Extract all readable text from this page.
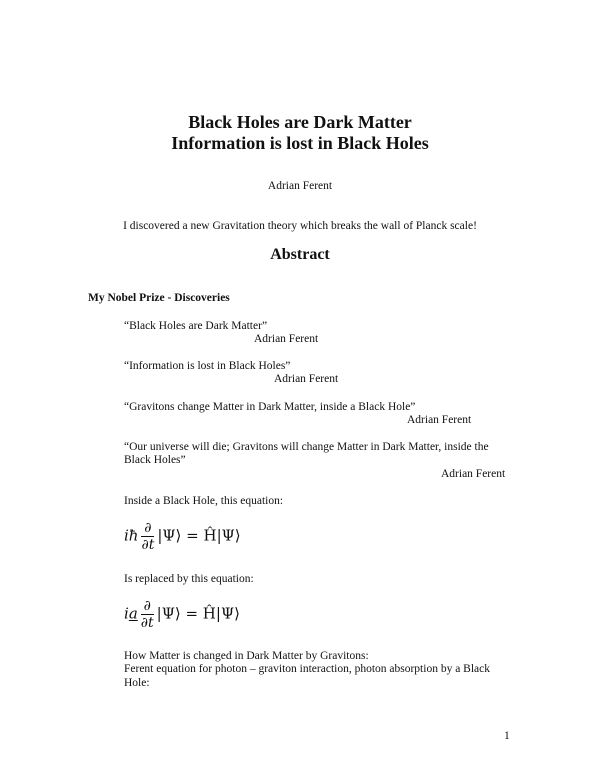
Black Holes are Dark Matter
Information is lost in Black Holes
Adrian Ferent
I discovered a new Gravitation theory which breaks the wall of Planck scale!
Abstract
My Nobel Prize - Discoveries
“Black Holes are Dark Matter”
Adrian Ferent
“Information is lost in Black Holes”
Adrian Ferent
“Gravitons change Matter in Dark Matter, inside a Black Hole”
Adrian Ferent
“Our universe will die; Gravitons will change Matter in Dark Matter, inside the
Black Holes”
Adrian Ferent
Inside a Black Hole, this equation:
iħ $\frac{\partial}{\partial t}$ |Ψ⟩ = Ĥ|Ψ⟩
Is replaced by this equation:
ia $\frac{\partial}{\partial t}$ |Ψ⟩ = Ĥ|Ψ⟩
How Matter is changed in Dark Matter by Gravitons:
Ferent equation for photon – graviton interaction, photon absorption by a Black
Hole:
1
